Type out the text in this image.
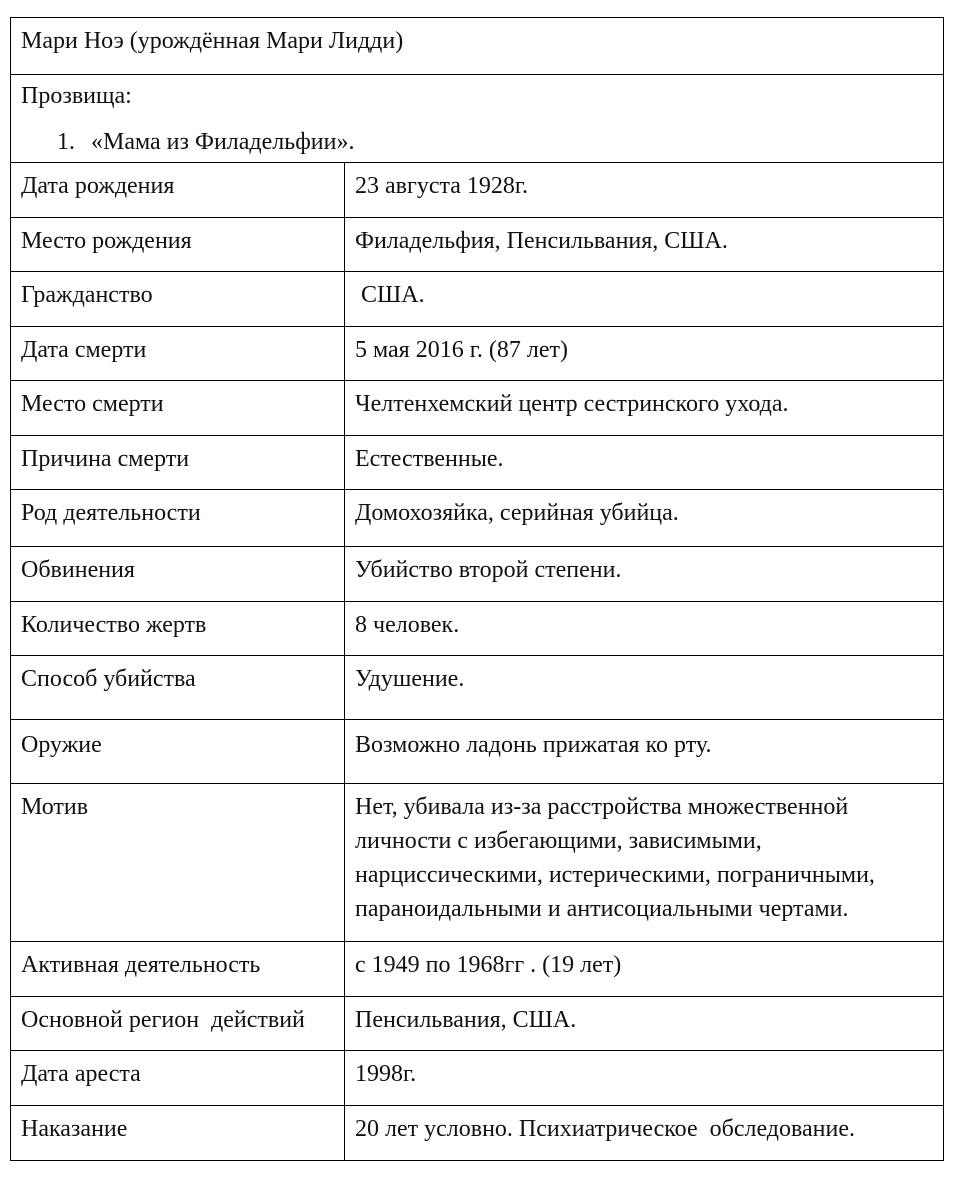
Мари Ноэ (урождённая Мари Лидди)
Прозвища:
1. «Мама из Филадельфии».
Дата рождения	23 августа 1928г.
Место рождения	Филадельфия, Пенсильвания, США.
Гражданство	США.
Дата смерти	5 мая 2016 г. (87 лет)
Место смерти	Челтенхемский центр сестринского ухода.
Причина смерти	Естественные.
Род деятельности	Домохозяйка, серийная убийца.
Обвинения	Убийство второй степени.
Количество жертв	8 человек.
Способ убийства	Удушение.
Оружие	Возможно ладонь прижатая ко рту.
Мотив	Нет, убивала из-за расстройства множественной личности с избегающими, зависимыми, нарциссическими, истерическими, пограничными, параноидальными и антисоциальными чертами.
Активная деятельность	с 1949 по 1968гг . (19 лет)
Основной регион  действий	Пенсильвания, США.
Дата ареста	1998г.
Наказание	20 лет условно. Психиатрическое  обследование.
